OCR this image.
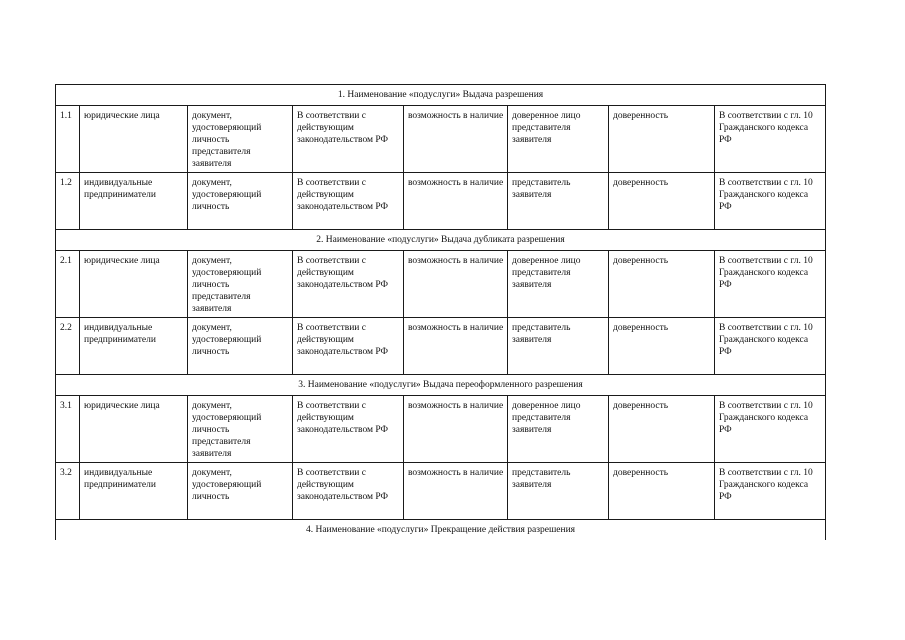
1. Наименование «подуслуги» Выдача разрешения							
1.1	юридические лица	документ, удостоверяющий личность представителя заявителя	В соответствии с действующим законодательством РФ	возможность в наличие	доверенное лицо представителя заявителя	доверенность	В соответствии с гл. 10 Гражданского кодекса РФ
1.2	индивидуальные предприниматели	документ, удостоверяющий личность	В соответствии с действующим законодательством РФ	возможность в наличие	представитель заявителя	доверенность	В соответствии с гл. 10 Гражданского кодекса РФ
2. Наименование «подуслуги» Выдача дубликата разрешения							
2.1	юридические лица	документ, удостоверяющий личность представителя заявителя	В соответствии с действующим законодательством РФ	возможность в наличие	доверенное лицо представителя заявителя	доверенность	В соответствии с гл. 10 Гражданского кодекса РФ
2.2	индивидуальные предприниматели	документ, удостоверяющий личность	В соответствии с действующим законодательством РФ	возможность в наличие	представитель заявителя	доверенность	В соответствии с гл. 10 Гражданского кодекса РФ
3. Наименование «подуслуги» Выдача переоформленного разрешения							
3.1	юридические лица	документ, удостоверяющий личность представителя заявителя	В соответствии с действующим законодательством РФ	возможность в наличие	доверенное лицо представителя заявителя	доверенность	В соответствии с гл. 10 Гражданского кодекса РФ
3.2	индивидуальные предприниматели	документ, удостоверяющий личность	В соответствии с действующим законодательством РФ	возможность в наличие	представитель заявителя	доверенность	В соответствии с гл. 10 Гражданского кодекса РФ
4. Наименование «подуслуги» Прекращение действия разрешения							
